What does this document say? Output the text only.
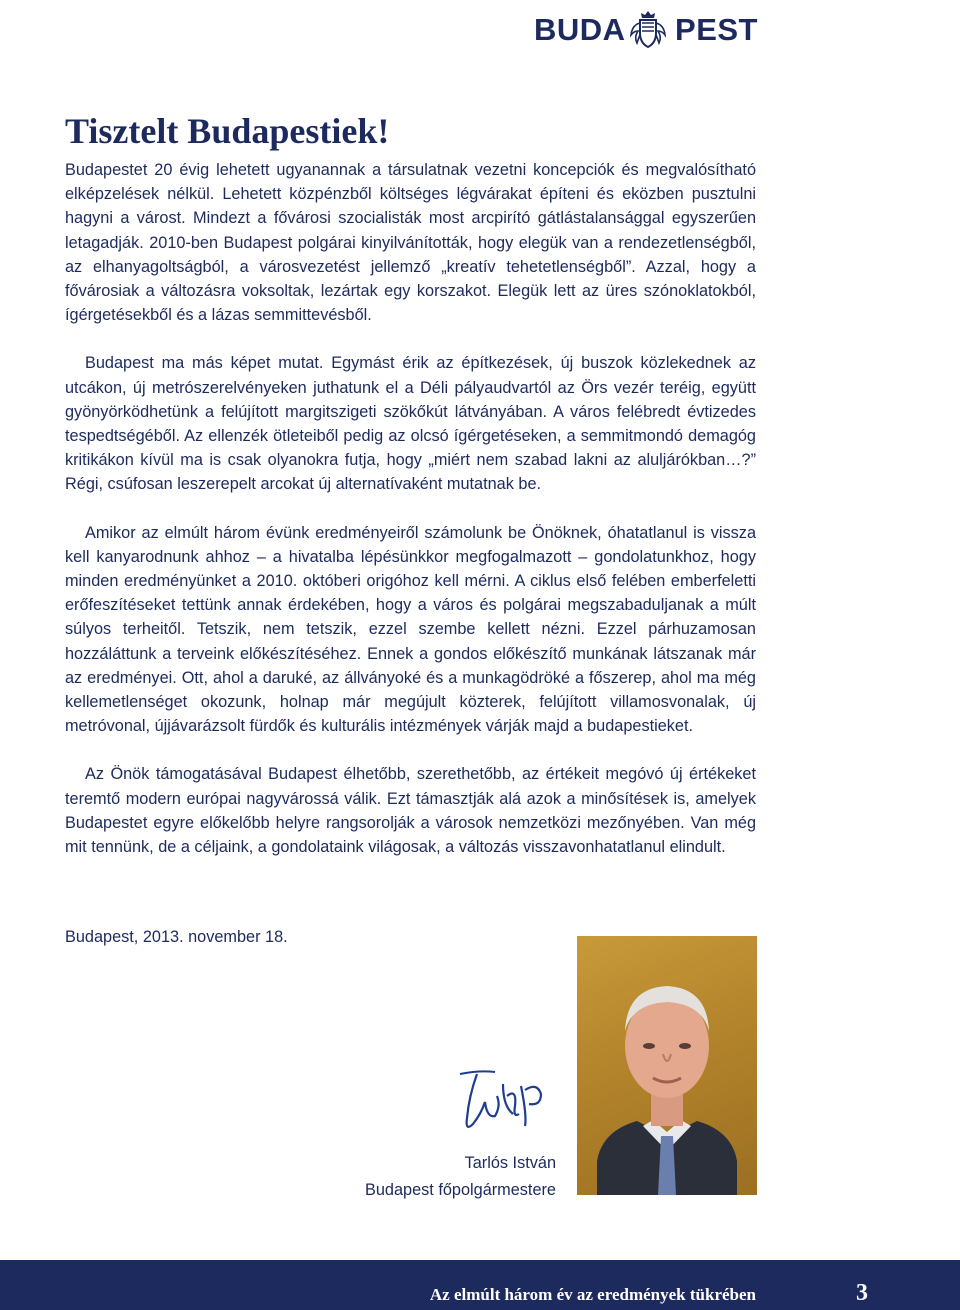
BUDA PEST
Tisztelt Budapestiek!

Budapestet 20 évig lehetett ugyanannak a társulatnak vezetni koncepciók és megvalósítható elképzelések nélkül. Lehetett közpénzből költséges légvárakat építeni és eközben pusztulni hagyni a várost. Mindezt a fővárosi szocialisták most arcpirító gátlástalansággal egyszerűen letagadják. 2010-ben Budapest polgárai kinyilvánították, hogy elegük van a rendezetlenségből, az elhanyagoltságból, a városvezetést jellemző „kreatív tehetetlenségből”. Azzal, hogy a fővárosiak a változásra voksoltak, lezártak egy korszakot. Elegük lett az üres szónoklatokból, ígérgetésekből és a lázas semmittevésből.

Budapest ma más képet mutat. Egymást érik az építkezések, új buszok közlekednek az utcákon, új metrószerelvényeken juthatunk el a Déli pályaudvartól az Örs vezér teréig, együtt gyönyörködhetünk a felújított margitszigeti szökőkút látványában. A város felébredt évtizedes tespedtségéből. Az ellenzék ötleteiből pedig az olcsó ígérgetéseken, a semmitmondó demagóg kritikákon kívül ma is csak olyanokra futja, hogy „miért nem szabad lakni az aluljárókban…?” Régi, csúfosan leszerepelt arcokat új alternatívaként mutatnak be.

Amikor az elmúlt három évünk eredményeiről számolunk be Önöknek, óhatatlanul is vissza kell kanyarodnunk ahhoz – a hivatalba lépésünkkor megfogalmazott – gondolatunkhoz, hogy minden eredményünket a 2010. októberi origóhoz kell mérni. A ciklus első felében emberfeletti erőfeszítéseket tettünk annak érdekében, hogy a város és polgárai megszabaduljanak a múlt súlyos terheitől. Tetszik, nem tetszik, ezzel szembe kellett nézni. Ezzel párhuzamosan hozzáláttunk a terveink előkészítéséhez. Ennek a gondos előkészítő munkának látszanak már az eredményei. Ott, ahol a daruké, az állványoké és a munkagödröké a főszerep, ahol ma még kellemetlenséget okozunk, holnap már megújult közterek, felújított villamosvonalak, új metróvonal, újjávarázsolt fürdők és kulturális intézmények várják majd a budapestieket.

Az Önök támogatásával Budapest élhetőbb, szerethetőbb, az értékeit megóvó új értékeket teremtő modern európai nagyvárossá válik. Ezt támasztják alá azok a minősítések is, amelyek Budapestet egyre előkelőbb helyre rangsorolják a városok nemzetközi mezőnyében. Van még mit tennünk, de a céljaink, a gondolataink világosak, a változás visszavonhatatlanul elindult.

Budapest, 2013. november 18.
Tarlós István
Budapest főpolgármestere
Az elmúlt három év az eredmények tükrében	3
